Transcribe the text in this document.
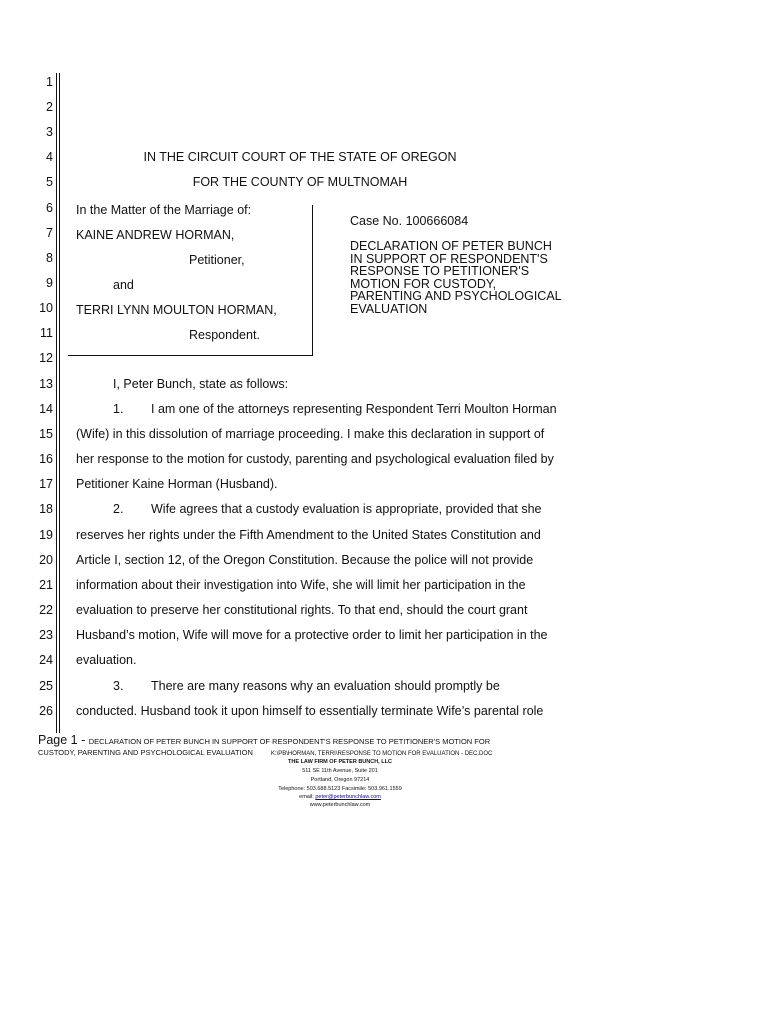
1
2
3
4
5
6
7
8
9
10
11
12
13
14
15
16
17
18
19
20
21
22
23
24
25
26
IN THE CIRCUIT COURT OF THE STATE OF OREGON
FOR THE COUNTY OF MULTNOMAH
In the Matter of the Marriage of:
KAINE ANDREW HORMAN,
Petitioner,
and
TERRI LYNN MOULTON HORMAN,
Respondent.
Case No. 100666084
DECLARATION OF PETER BUNCH
IN SUPPORT OF RESPONDENT'S
RESPONSE TO PETITIONER'S
MOTION FOR CUSTODY,
PARENTING AND PSYCHOLOGICAL
EVALUATION
I, Peter Bunch, state as follows:
1. I am one of the attorneys representing Respondent Terri Moulton Horman
(Wife) in this dissolution of marriage proceeding. I make this declaration in support of
her response to the motion for custody, parenting and psychological evaluation filed by
Petitioner Kaine Horman (Husband).
2. Wife agrees that a custody evaluation is appropriate, provided that she
reserves her rights under the Fifth Amendment to the United States Constitution and
Article I, section 12, of the Oregon Constitution. Because the police will not provide
information about their investigation into Wife, she will limit her participation in the
evaluation to preserve her constitutional rights. To that end, should the court grant
Husband’s motion, Wife will move for a protective order to limit her participation in the
evaluation.
3. There are many reasons why an evaluation should promptly be
conducted. Husband took it upon himself to essentially terminate Wife’s parental role
Page 1 - DECLARATION OF PETER BUNCH IN SUPPORT OF RESPONDENT'S RESPONSE TO PETITIONER'S MOTION FOR
CUSTODY, PARENTING AND PSYCHOLOGICAL EVALUATION	K:\PB\HORMAN, TERRI\RESPONSE TO MOTION FOR EVALUATION - DEC.DOC
THE LAW FIRM OF PETER BUNCH, LLC
511 SE 11th Avenue, Suite 201
Portland, Oregon 97214
Telephone: 503.688.5123 Facsimile: 503.961.1559
email: peter@peterbunchlaw.com
www.peterbunchlaw.com
